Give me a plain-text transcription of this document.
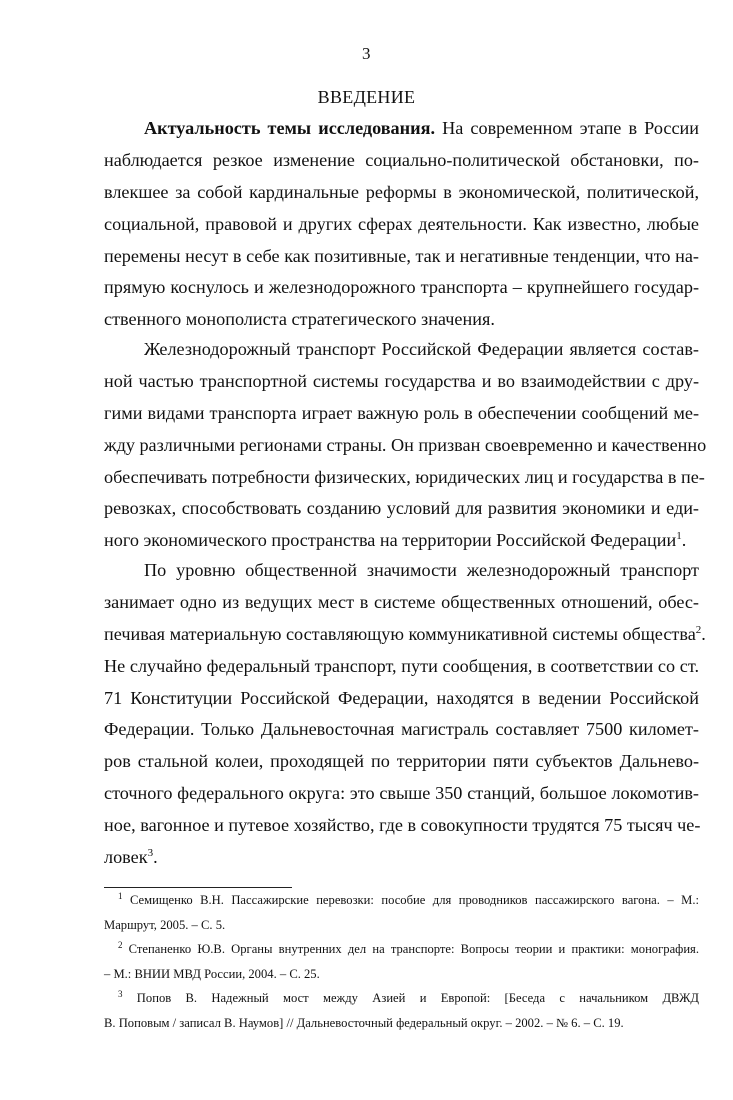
3
ВВЕДЕНИЕ
Актуальность темы исследования. На современном этапе в России
наблюдается резкое изменение социально-политической обстановки, по-
влекшее за собой кардинальные реформы в экономической, политической,
социальной, правовой и других сферах деятельности. Как известно, любые
перемены несут в себе как позитивные, так и негативные тенденции, что на-
прямую коснулось и железнодорожного транспорта – крупнейшего государ-
ственного монополиста стратегического значения.
Железнодорожный транспорт Российской Федерации является состав-
ной частью транспортной системы государства и во взаимодействии с дру-
гими видами транспорта играет важную роль в обеспечении сообщений ме-
жду различными регионами страны. Он призван своевременно и качественно
обеспечивать потребности физических, юридических лиц и государства в пе-
ревозках, способствовать созданию условий для развития экономики и еди-
ного экономического пространства на территории Российской Федерации$^1$.
По уровню общественной значимости железнодорожный транспорт
занимает одно из ведущих мест в системе общественных отношений, обес-
печивая материальную составляющую коммуникативной системы общества$^2$.
Не случайно федеральный транспорт, пути сообщения, в соответствии со ст.
71 Конституции Российской Федерации, находятся в ведении Российской
Федерации. Только Дальневосточная магистраль составляет 7500 километ-
ров стальной колеи, проходящей по территории пяти субъектов Дальнево-
сточного федерального округа: это свыше 350 станций, большое локомотив-
ное, вагонное и путевое хозяйство, где в совокупности трудятся 75 тысяч че-
ловек$^3$.
$^1$ Семищенко В.Н. Пассажирские перевозки: пособие для проводников пассажирского вагона. – М.:
Маршрут, 2005. – С. 5.
$^2$ Степаненко Ю.В. Органы внутренних дел на транспорте: Вопросы теории и практики: монография.
– М.: ВНИИ МВД России, 2004. – С. 25.
$^3$ Попов В. Надежный мост между Азией и Европой: [Беседа с начальником ДВЖД
В. Поповым / записал В. Наумов] // Дальневосточный федеральный округ. – 2002. – № 6. – С. 19.
